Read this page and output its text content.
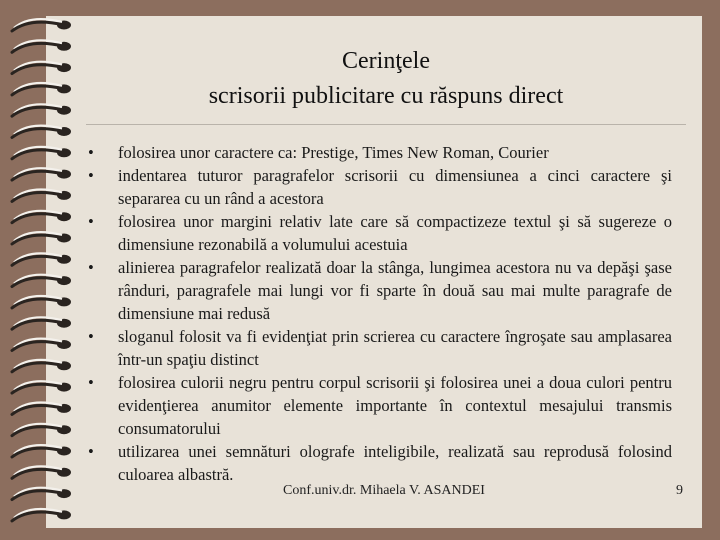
Cerinţele
scrisorii publicitare cu răspuns direct
• folosirea unor caractere ca: Prestige, Times New Roman, Courier
• indentarea tuturor paragrafelor scrisorii cu dimensiunea a cinci caractere şi separarea cu un rând a acestora
• folosirea unor margini relativ late care să compactizeze textul şi să sugereze o dimensiune rezonabilă a volumului acestuia
• alinierea paragrafelor realizată doar la stânga, lungimea acestora nu va depăşi şase rânduri, paragrafele mai lungi vor fi sparte în două sau mai multe paragrafe de dimensiune mai redusă
• sloganul folosit va fi evidenţiat prin scrierea cu caractere îngroşate sau amplasarea într-un spaţiu distinct
• folosirea culorii negru pentru corpul scrisorii şi folosirea unei a doua culori pentru evidenţierea anumitor elemente importante în contextul mesajului transmis consumatorului
• utilizarea unei semnături olografe inteligibile, realizată sau reprodusă folosind culoarea albastră.
Conf.univ.dr. Mihaela V. ASANDEI	9
